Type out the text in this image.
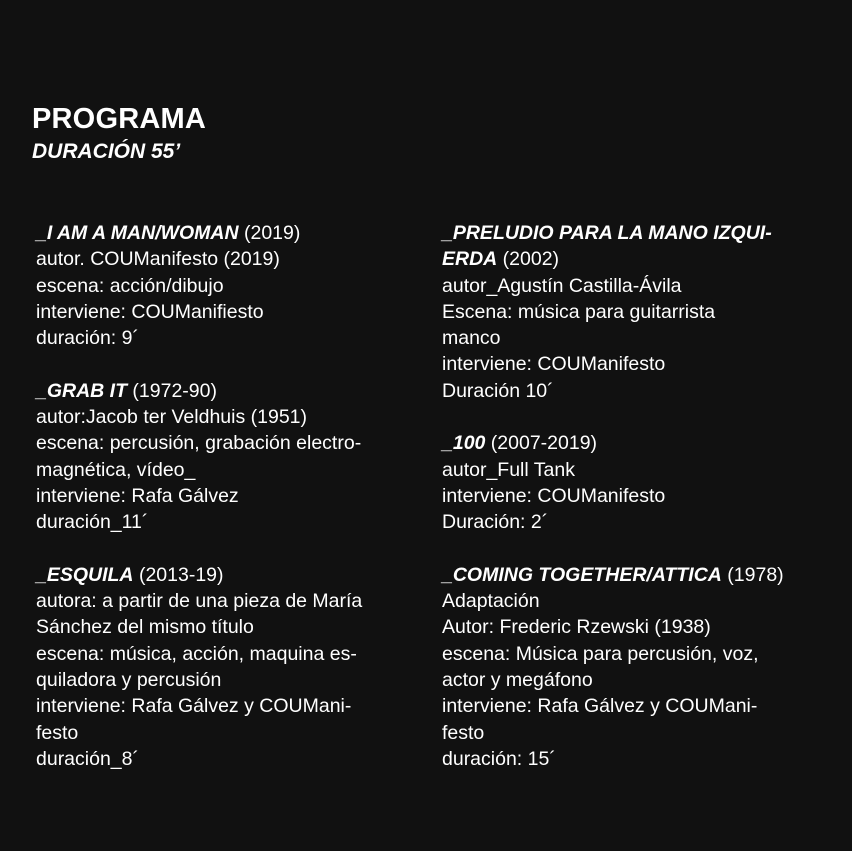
PROGRAMA
DURACIÓN 55’
_I AM A MAN/WOMAN (2019)
autor. COUManifesto (2019)
escena: acción/dibujo
interviene: COUManifiesto
duración: 9´
_GRAB IT (1972-90)
autor:Jacob ter Veldhuis (1951)
escena: percusión, grabación electro-
magnética, vídeo_
interviene: Rafa Gálvez
duración_11´
_ESQUILA (2013-19)
autora: a partir de una pieza de María
Sánchez del mismo título
escena: música, acción, maquina es-
quiladora y percusión
interviene: Rafa Gálvez y COUMani-
festo
duración_8´
_PRELUDIO PARA LA MANO IZQUI-
ERDA (2002)
autor_Agustín Castilla-Ávila
Escena: música para guitarrista
manco
interviene: COUManifesto
Duración 10´
_100 (2007-2019)
autor_Full Tank
interviene: COUManifesto
Duración: 2´
_COMING TOGETHER/ATTICA (1978)
Adaptación
Autor: Frederic Rzewski (1938)
escena: Música para percusión, voz,
actor y megáfono
interviene: Rafa Gálvez y COUMani-
festo
duración: 15´
